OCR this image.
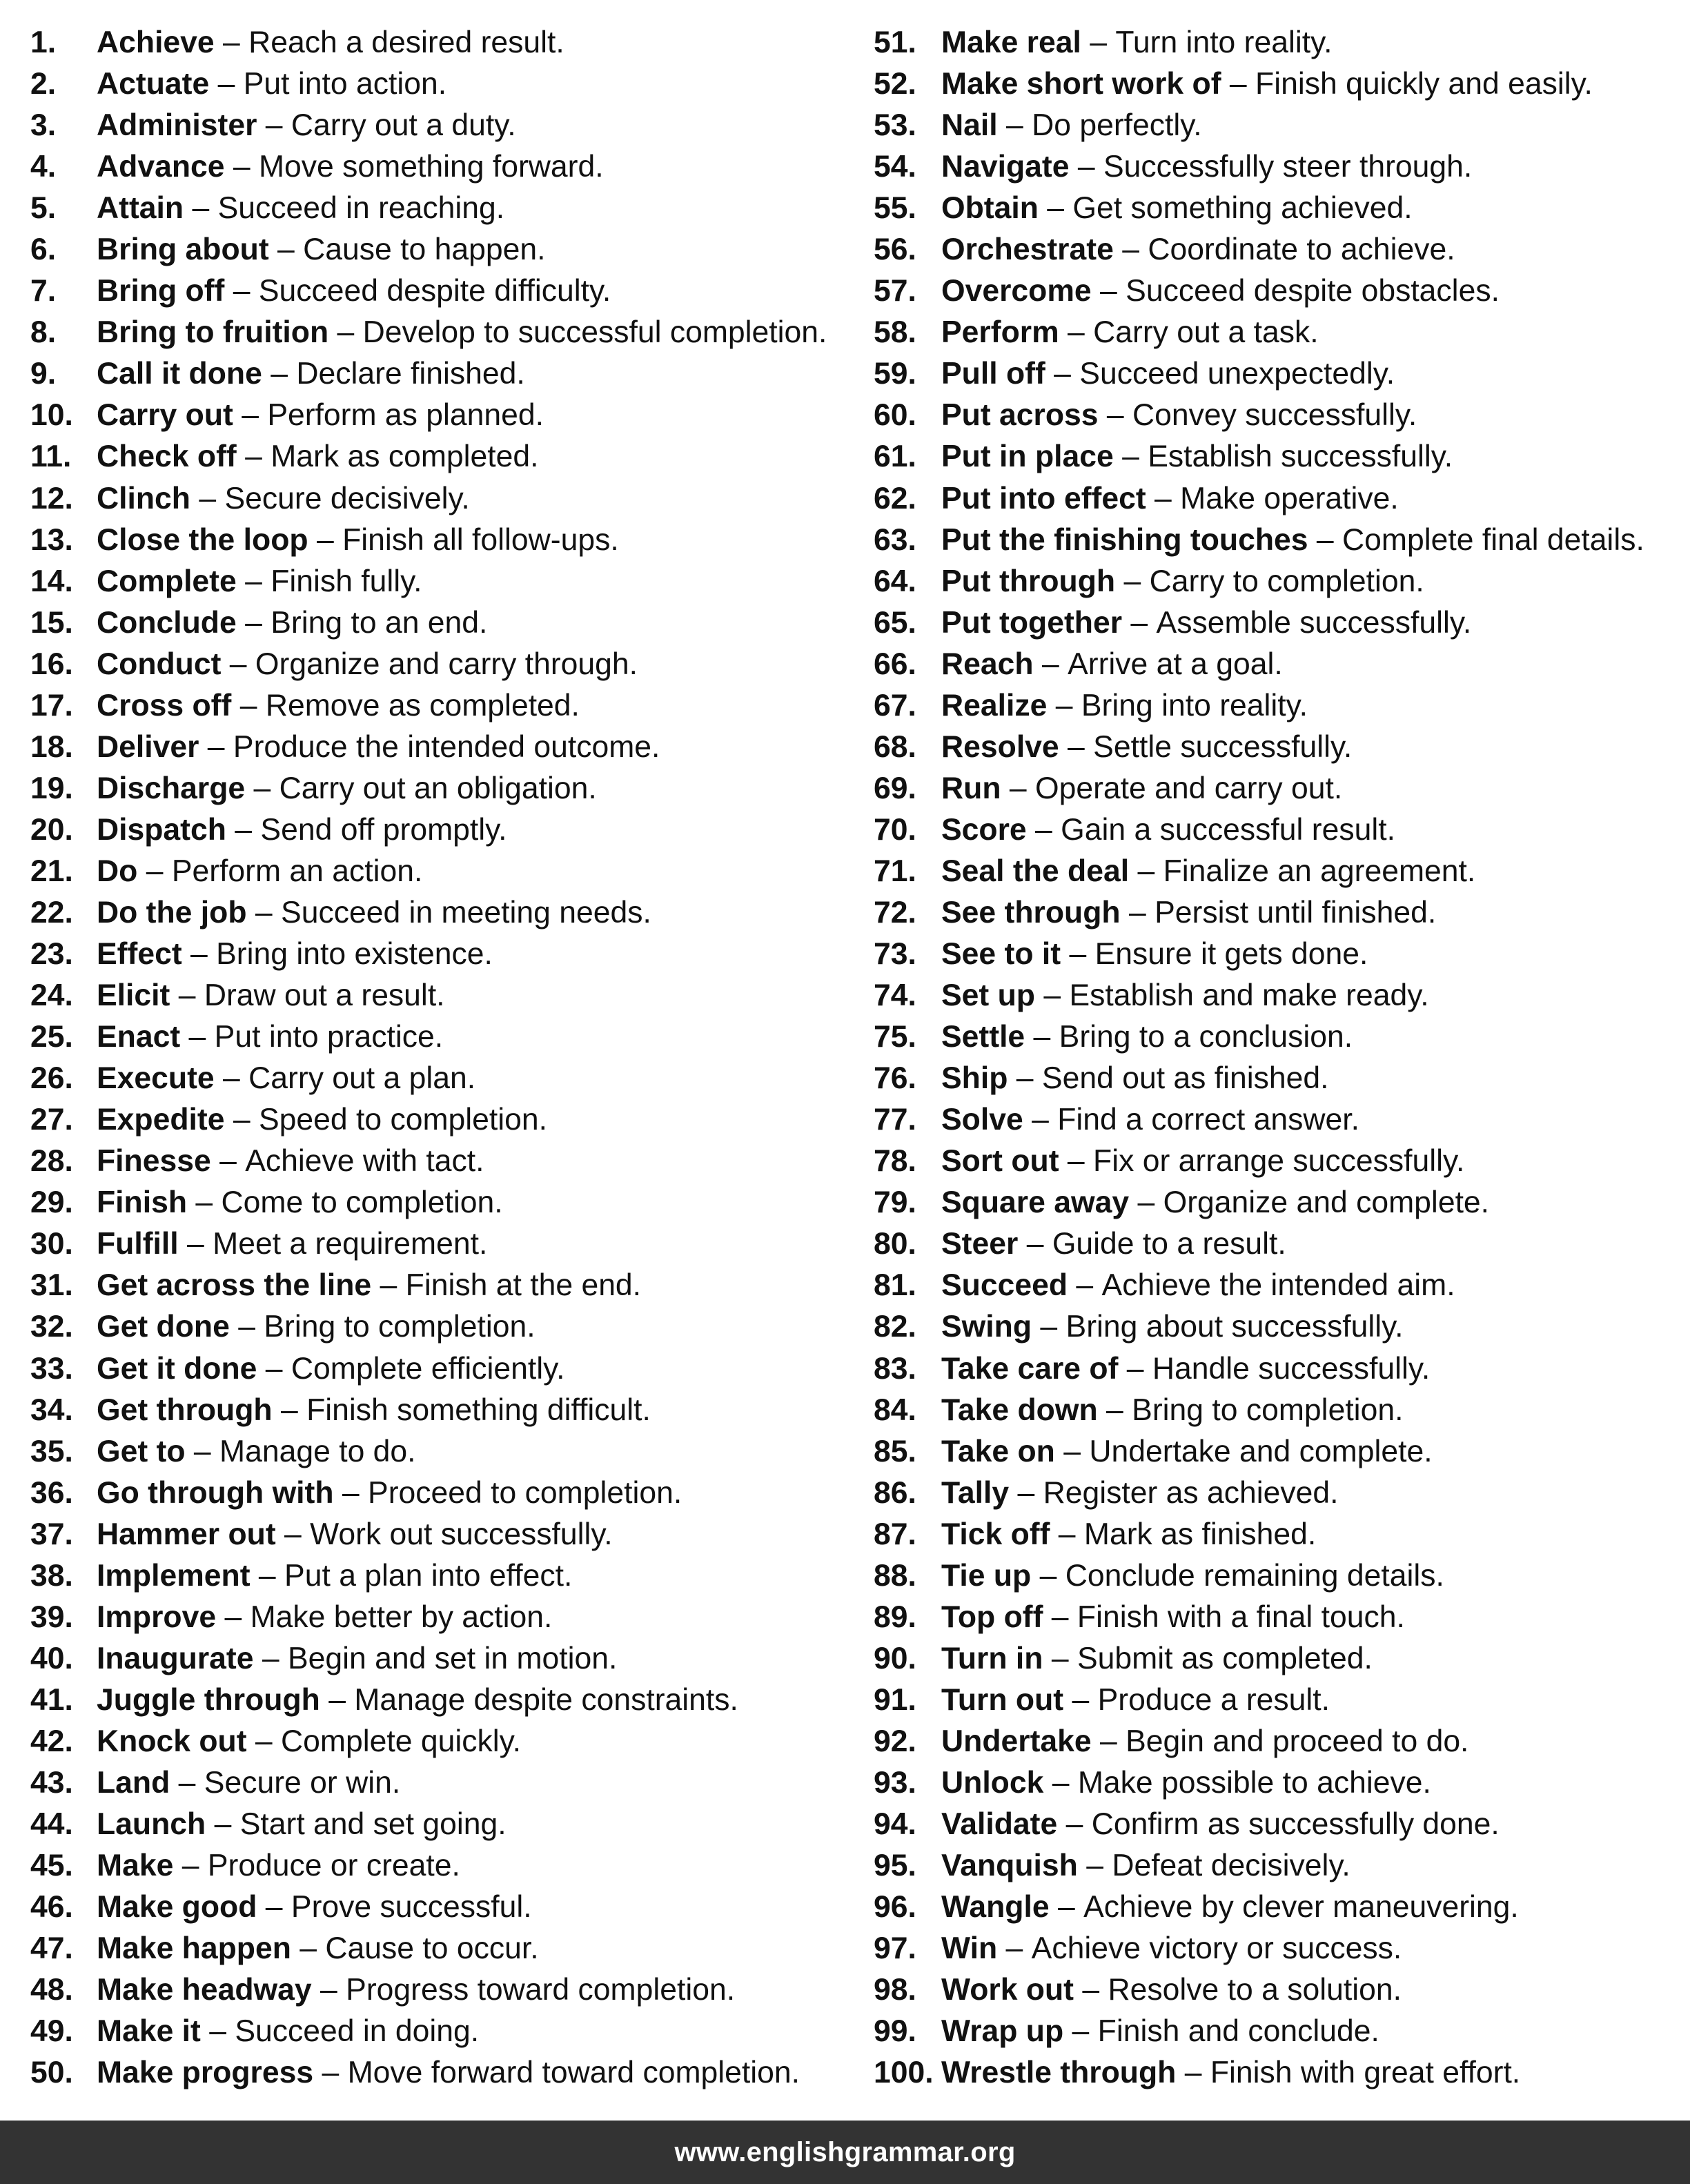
1.	Achieve – Reach a desired result.
2.	Actuate – Put into action.
3.	Administer – Carry out a duty.
4.	Advance – Move something forward.
5.	Attain – Succeed in reaching.
6.	Bring about – Cause to happen.
7.	Bring off – Succeed despite difficulty.
8.	Bring to fruition – Develop to successful completion.
9.	Call it done – Declare finished.
10. Carry out – Perform as planned.
11. Check off – Mark as completed.
12. Clinch – Secure decisively.
13. Close the loop – Finish all follow-ups.
14. Complete – Finish fully.
15. Conclude – Bring to an end.
16. Conduct – Organize and carry through.
17. Cross off – Remove as completed.
18. Deliver – Produce the intended outcome.
19. Discharge – Carry out an obligation.
20. Dispatch – Send off promptly.
21. Do – Perform an action.
22. Do the job – Succeed in meeting needs.
23. Effect – Bring into existence.
24. Elicit – Draw out a result.
25. Enact – Put into practice.
26. Execute – Carry out a plan.
27. Expedite – Speed to completion.
28. Finesse – Achieve with tact.
29. Finish – Come to completion.
30. Fulfill – Meet a requirement.
31. Get across the line – Finish at the end.
32. Get done – Bring to completion.
33. Get it done – Complete efficiently.
34. Get through – Finish something difficult.
35. Get to – Manage to do.
36. Go through with – Proceed to completion.
37. Hammer out – Work out successfully.
38. Implement – Put a plan into effect.
39. Improve – Make better by action.
40. Inaugurate – Begin and set in motion.
41. Juggle through – Manage despite constraints.
42. Knock out – Complete quickly.
43. Land – Secure or win.
44. Launch – Start and set going.
45. Make – Produce or create.
46. Make good – Prove successful.
47. Make happen – Cause to occur.
48. Make headway – Progress toward completion.
49. Make it – Succeed in doing.
50. Make progress – Move forward toward completion.
51. Make real – Turn into reality.
52. Make short work of – Finish quickly and easily.
53. Nail – Do perfectly.
54. Navigate – Successfully steer through.
55. Obtain – Get something achieved.
56. Orchestrate – Coordinate to achieve.
57. Overcome – Succeed despite obstacles.
58. Perform – Carry out a task.
59. Pull off – Succeed unexpectedly.
60. Put across – Convey successfully.
61. Put in place – Establish successfully.
62. Put into effect – Make operative.
63. Put the finishing touches – Complete final details.
64. Put through – Carry to completion.
65. Put together – Assemble successfully.
66. Reach – Arrive at a goal.
67. Realize – Bring into reality.
68. Resolve – Settle successfully.
69. Run – Operate and carry out.
70. Score – Gain a successful result.
71. Seal the deal – Finalize an agreement.
72. See through – Persist until finished.
73. See to it – Ensure it gets done.
74. Set up – Establish and make ready.
75. Settle – Bring to a conclusion.
76. Ship – Send out as finished.
77. Solve – Find a correct answer.
78. Sort out – Fix or arrange successfully.
79. Square away – Organize and complete.
80. Steer – Guide to a result.
81. Succeed – Achieve the intended aim.
82. Swing – Bring about successfully.
83. Take care of – Handle successfully.
84. Take down – Bring to completion.
85. Take on – Undertake and complete.
86. Tally – Register as achieved.
87. Tick off – Mark as finished.
88. Tie up – Conclude remaining details.
89. Top off – Finish with a final touch.
90. Turn in – Submit as completed.
91. Turn out – Produce a result.
92. Undertake – Begin and proceed to do.
93. Unlock – Make possible to achieve.
94. Validate – Confirm as successfully done.
95. Vanquish – Defeat decisively.
96. Wangle – Achieve by clever maneuvering.
97. Win – Achieve victory or success.
98. Work out – Resolve to a solution.
99. Wrap up – Finish and conclude.
100. Wrestle through – Finish with great effort.
www.englishgrammar.org
